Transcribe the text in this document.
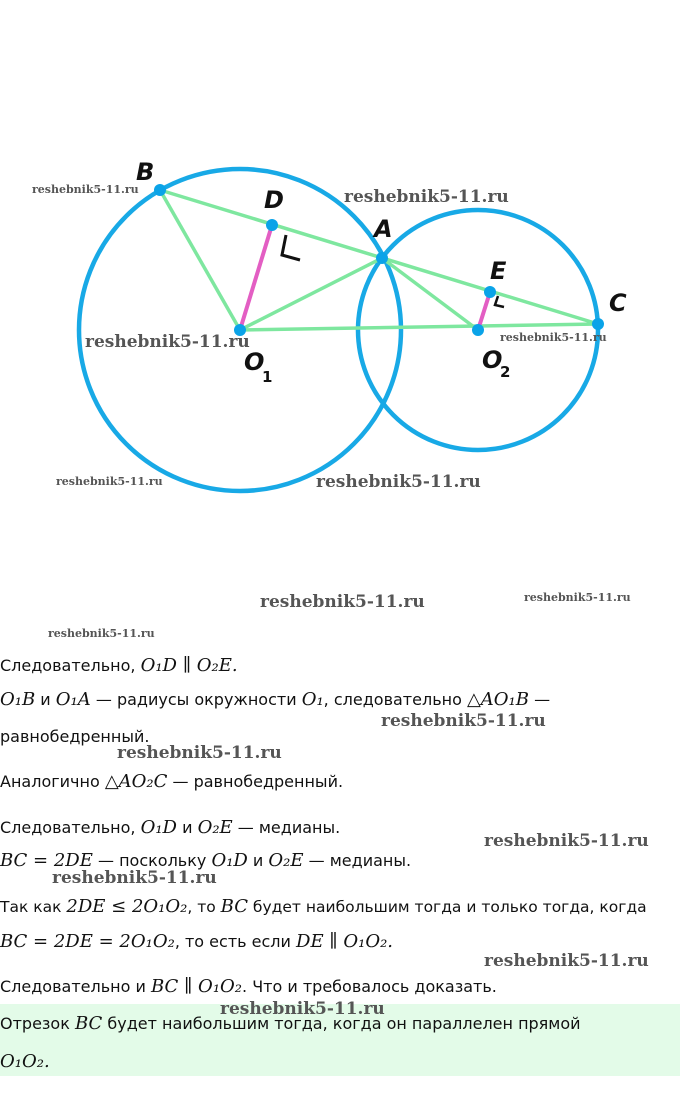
B
D
A
E
C
O
1
O
2
reshebnik5-11.ru	reshebnik5-11.ru
reshebnik5-11.ru	reshebnik5-11.ru
reshebnik5-11.ru	reshebnik5-11.ru
reshebnik5-11.ru	reshebnik5-11.ru
reshebnik5-11.ru
Следовательно, O₁D ∥ O₂E.
O₁B и O₁A — радиусы окружности O₁, следовательно △AO₁B —
reshebnik5-11.ru
равнобедренный.
reshebnik5-11.ru
Аналогично △AO₂C — равнобедренный.
Следовательно, O₁D и O₂E — медианы.
reshebnik5-11.ru
BC = 2DE — поскольку O₁D и O₂E — медианы.
reshebnik5-11.ru
Так как 2DE ≤ 2O₁O₂, то BC будет наибольшим тогда и только тогда, когда
BC = 2DE = 2O₁O₂, то есть если DE ∥ O₁O₂.
reshebnik5-11.ru
Следовательно и BC ∥ O₁O₂. Что и требовалось доказать.
reshebnik5-11.ru
Отрезок BC будет наибольшим тогда, когда он параллелен прямой
O₁O₂.
